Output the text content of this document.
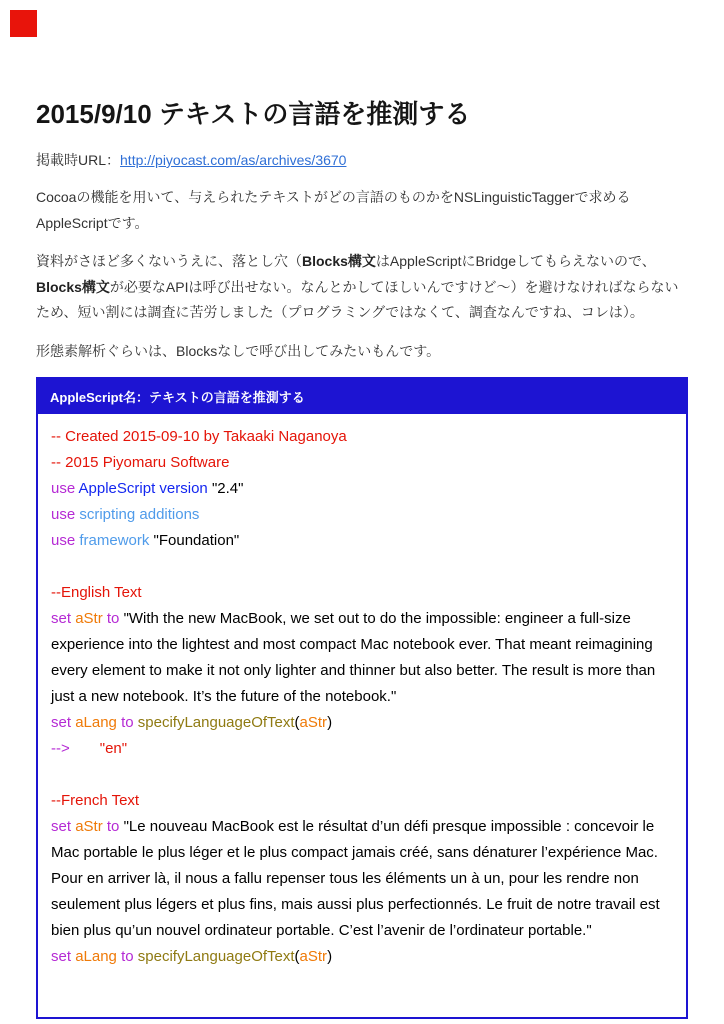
2015/9/10 テキストの言語を推測する

掲載時URL：http://piyocast.com/as/archives/3670

Cocoaの機能を用いて、与えられたテキストがどの言語のものかをNSLinguisticTaggerで求めるAppleScriptです。

資料がさほど多くないうえに、落とし穴（Blocks構文はAppleScriptにBridgeしてもらえないので、Blocks構文が必要なAPIは呼び出せない。なんとかしてほしいんですけど〜）を避けなければならないため、短い割には調査に苦労しました（プログラミングではなくて、調査なんですね、コレは）。

形態素解析ぐらいは、Blocksなしで呼び出してみたいもんです。

AppleScript名：テキストの言語を推測する
-- Created 2015-09-10 by Takaaki Naganoya
-- 2015 Piyomaru Software
use AppleScript version "2.4"
use scripting additions
use framework "Foundation"

--English Text
set aStr to "With the new MacBook, we set out to do the impossible: engineer a full-size experience into the lightest and most compact Mac notebook ever. That meant reimagining every element to make it not only lighter and thinner but also better. The result is more than just a new notebook. It’s the future of the notebook."
set aLang to specifyLanguageOfText(aStr)
--> "en"

--French Text
set aStr to "Le nouveau MacBook est le résultat d’un défi presque impossible : concevoir le Mac portable le plus léger et le plus compact jamais créé, sans dénaturer l’expérience Mac. Pour en arriver là, il nous a fallu repenser tous les éléments un à un, pour les rendre non seulement plus légers et plus fins, mais aussi plus perfectionnés. Le fruit de notre travail est bien plus qu’un nouvel ordinateur portable. C’est l’avenir de l’ordinateur portable."
set aLang to specifyLanguageOfText(aStr)
